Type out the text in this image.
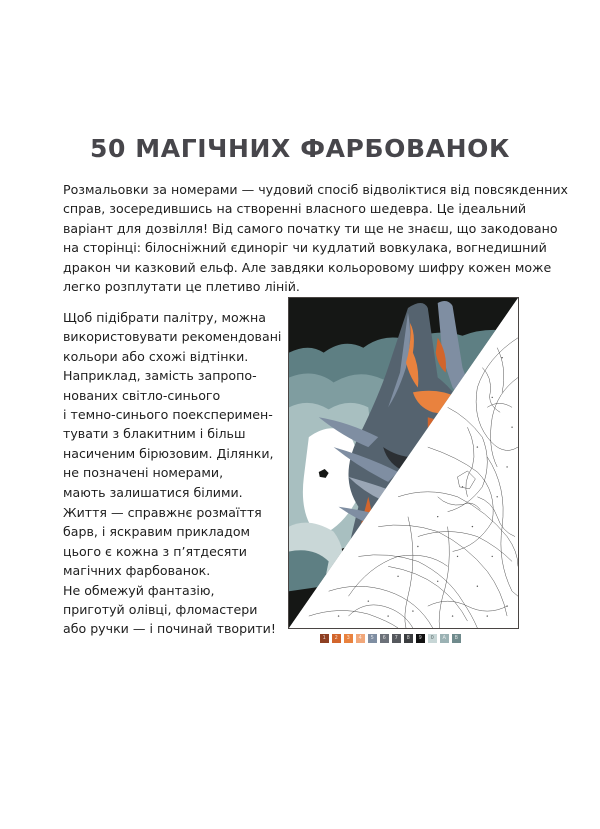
50 МАГІЧНИХ ФАРБОВАНОК

Розмальовки за номерами — чудовий спосіб відволіктися від повсякденних
справ, зосередившись на створенні власного шедевра. Це ідеальний
варіант для дозвілля! Від самого початку ти ще не знаєш, що закодовано
на сторінці: білосніжний єдиноріг чи кудлатий вовкулака, вогнедишний
дракон чи казковий ельф. Але завдяки кольоровому шифру кожен може
легко розплутати це плетиво ліній.

Щоб підібрати палітру, можна
використовувати рекомендовані
кольори або схожі відтінки.
Наприклад, замість запропо-
нованих світло-синього
і темно-синього поексперимен-
тувати з блакитним і більш
насиченим бірюзовим. Ділянки,
не позначені номерами,
мають залишатися білими.

Життя — справжнє розмаїття
барв, і яскравим прикладом
цього є кожна з п’ятдесяти
магічних фарбованок.
Не обмежуй фантазію,
приготуй олівці, фломастери
або ручки — і починай творити!

1 2 3 4 5 6 7 8 9 0 A B
